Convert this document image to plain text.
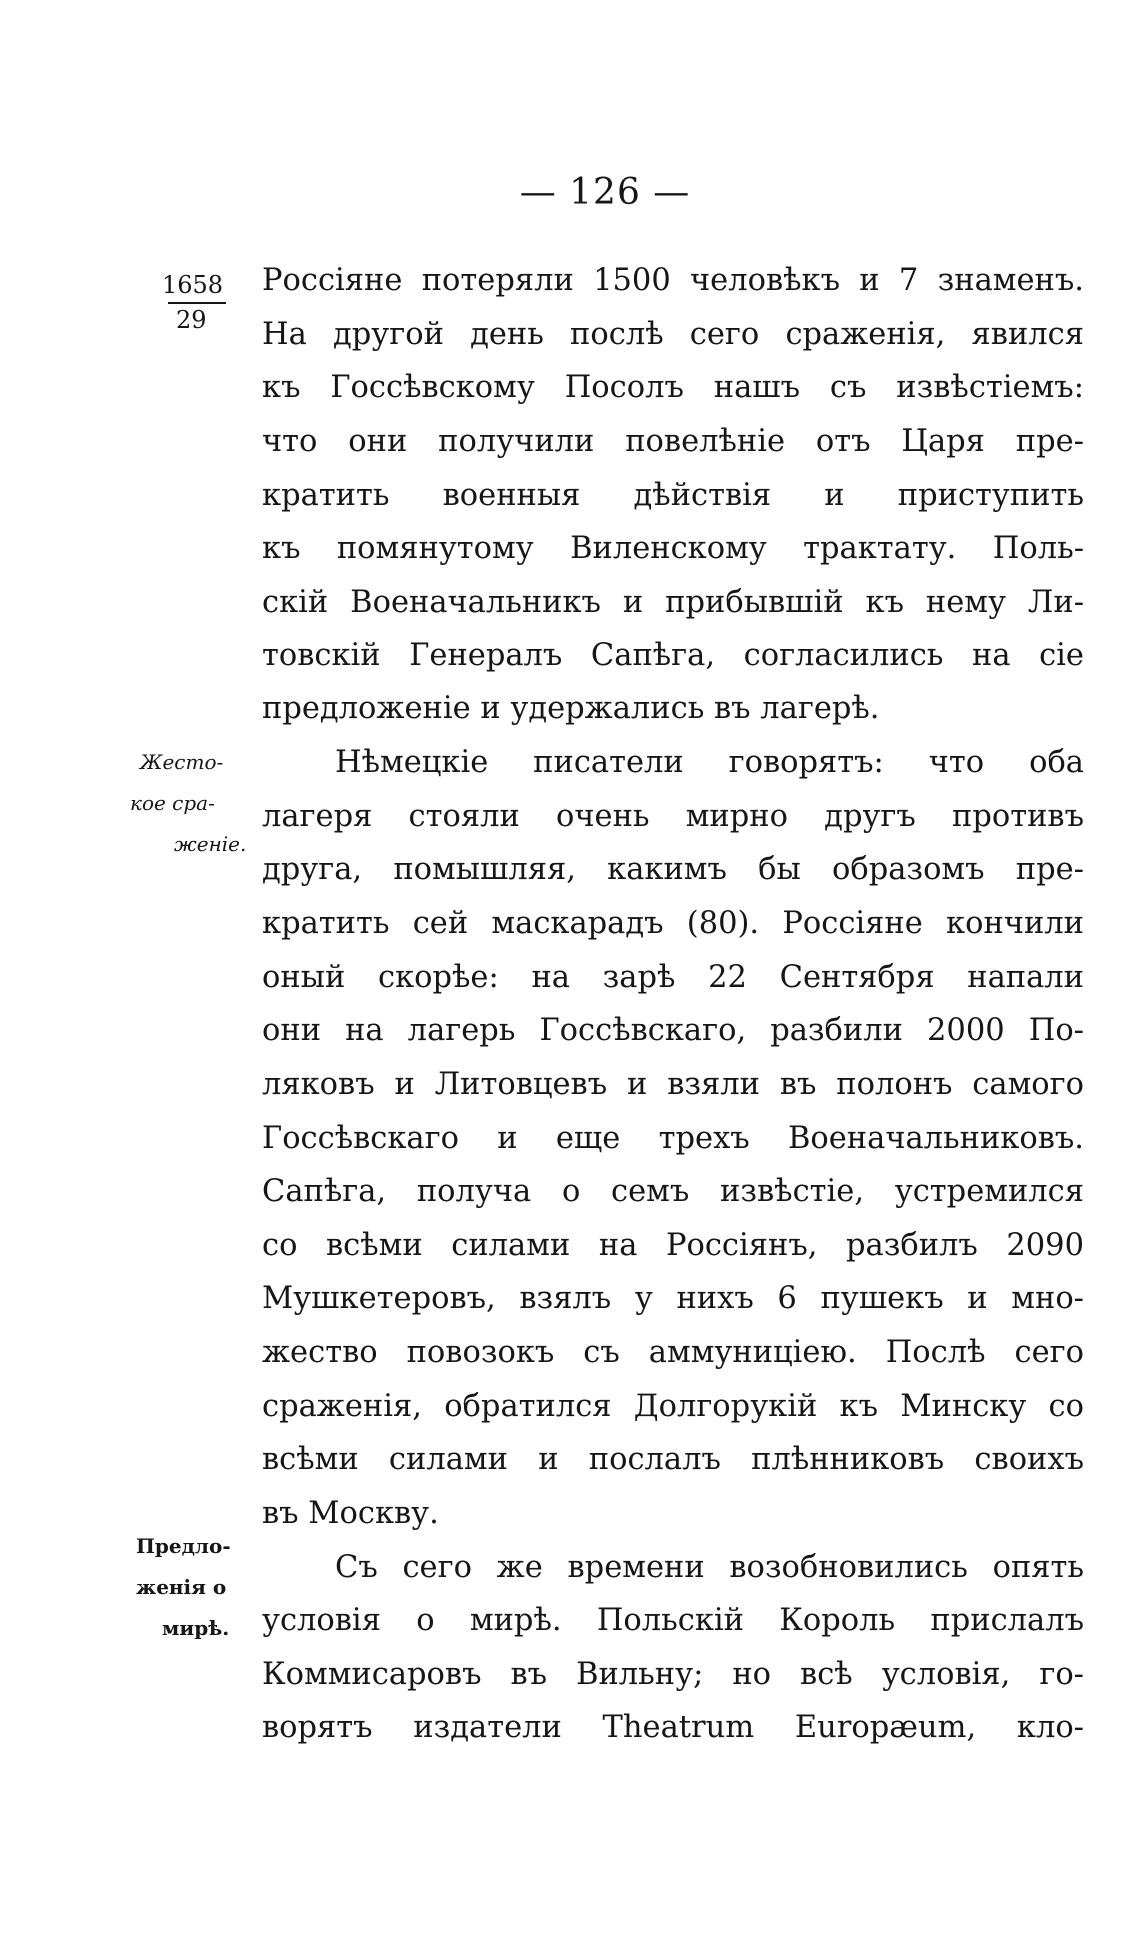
— 126 —
1658
29
Жесто-
кое сра-
женіе.
Предло-
женія о
мирѣ.
Россіяне потеряли 1500 человѣкъ и 7 знаменъ.
На другой день послѣ сего сраженія, явился
къ Госсѣвскому Посолъ нашъ съ извѣстіемъ:
что они получили повелѣніе отъ Царя пре-
кратить военныя дѣйствія и приступить
къ помянутому Виленскому трактату. Поль-
скій Военачальникъ и прибывшій къ нему Ли-
товскій Генералъ Сапѣга, согласились на сіе
предложеніе и удержались въ лагерѣ.
Нѣмецкіе писатели говорятъ: что оба
лагеря стояли очень мирно другъ противъ
друга, помышляя, какимъ бы образомъ пре-
кратить сей маскарадъ (80). Россіяне кончили
оный скорѣе: на зарѣ 22 Сентября напали
они на лагерь Госсѣвскаго, разбили 2000 По-
ляковъ и Литовцевъ и взяли въ полонъ самого
Госсѣвскаго и еще трехъ Военачальниковъ.
Сапѣга, получа о семъ извѣстіе, устремился
со всѣми силами на Россіянъ, разбилъ 2090
Мушкетеровъ, взялъ у нихъ 6 пушекъ и мно-
жество повозокъ съ аммуниціею. Послѣ сего
сраженія, обратился Долгорукій къ Минску со
всѣми силами и послалъ плѣнниковъ своихъ
въ Москву.
Съ сего же времени возобновились опять
условія о мирѣ. Польскій Король прислалъ
Коммисаровъ въ Вильну; но всѣ условія, го-
ворятъ издатели Theatrum Europæum, кло-
